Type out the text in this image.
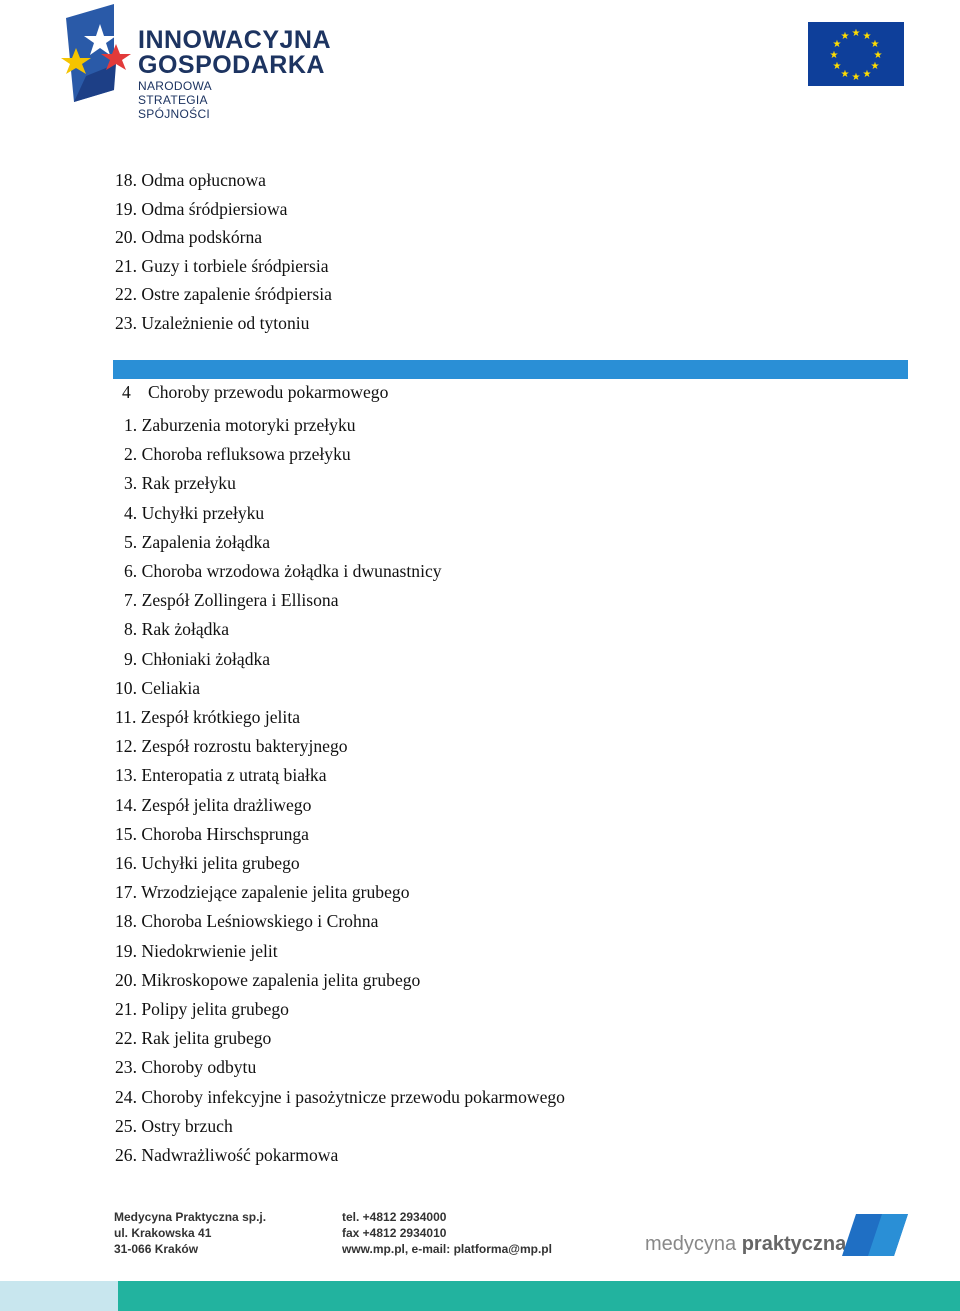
INNOWACYJNA
GOSPODARKA
NARODOWA STRATEGIA SPÓJNOŚCI
★ ★
★
★
★
★
★
★
★
★
★
★
18. Odma opłucnowa
19. Odma śródpiersiowa
20. Odma podskórna
21. Guzy i torbiele śródpiersia
22. Ostre zapalenie śródpiersia
23. Uzależnienie od tytoniu
4 Choroby przewodu pokarmowego
1. Zaburzenia motoryki przełyku
2. Choroba refluksowa przełyku
3. Rak przełyku
4. Uchyłki przełyku
5. Zapalenia żołądka
6. Choroba wrzodowa żołądka i dwunastnicy
7. Zespół Zollingera i Ellisona
8. Rak żołądka
9. Chłoniaki żołądka
10. Celiakia
11. Zespół krótkiego jelita
12. Zespół rozrostu bakteryjnego
13. Enteropatia z utratą białka
14. Zespół jelita drażliwego
15. Choroba Hirschsprunga
16. Uchyłki jelita grubego
17. Wrzodziejące zapalenie jelita grubego
18. Choroba Leśniowskiego i Crohna
19. Niedokrwienie jelit
20. Mikroskopowe zapalenia jelita grubego
21. Polipy jelita grubego
22. Rak jelita grubego
23. Choroby odbytu
24. Choroby infekcyjne i pasożytnicze przewodu pokarmowego
25. Ostry brzuch
26. Nadwrażliwość pokarmowa
Medycyna Praktyczna sp.j.
ul. Krakowska 41
31-066 Kraków
tel. +4812 2934000
fax +4812 2934010
www.mp.pl, e-mail: platforma@mp.pl	medycyna praktyczna
